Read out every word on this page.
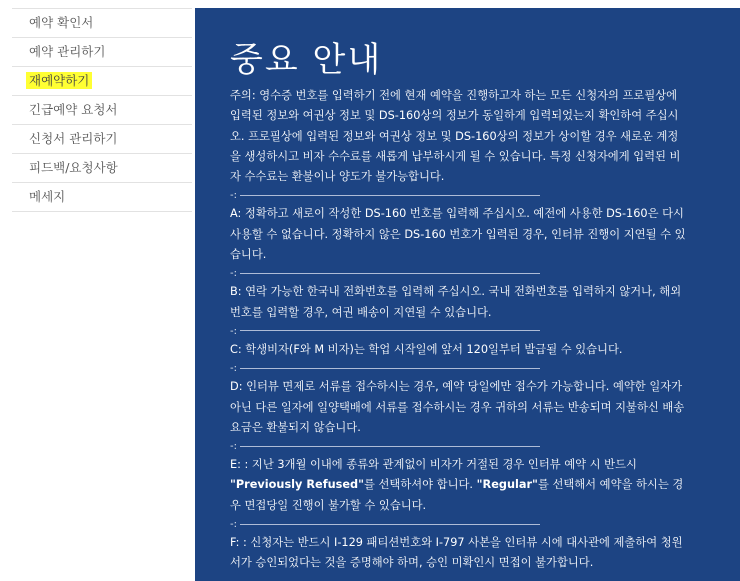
예약 확인서
예약 관리하기
재예약하기
긴급예약 요청서
신청서 관리하기
피드백/요청사항
메세지
중요 안내

주의: 영수증 번호를 입력하기 전에 현재 예약을 진행하고자 하는 모든 신청자의 프로필상에 입력된 정보와 여권상 정보 및 DS-160상의 정보가 동일하게 입력되었는지 확인하여 주십시오. 프로필상에 입력된 정보와 여권상 정보 및 DS-160상의 정보가 상이할 경우 새로운 계정을 생성하시고 비자 수수료를 새롭게 납부하시게 될 수 있습니다. 특정 신청자에게 입력된 비자 수수료는 환불이나 양도가 불가능합니다.

-:

A: 정확하고 새로이 작성한 DS-160 번호를 입력해 주십시오. 예전에 사용한 DS-160은 다시 사용할 수 없습니다. 정확하지 않은 DS-160 번호가 입력된 경우, 인터뷰 진행이 지연될 수 있습니다.

-:

B: 연락 가능한 한국내 전화번호를 입력해 주십시오. 국내 전화번호를 입력하지 않거나, 해외 번호를 입력할 경우, 여권 배송이 지연될 수 있습니다.

-:

C: 학생비자(F와 M 비자)는 학업 시작일에 앞서 120일부터 발급될 수 있습니다.

-:

D: 인터뷰 면제로 서류를 접수하시는 경우, 예약 당일에만 접수가 가능합니다. 예약한 일자가 아닌 다른 일자에 일양택배에 서류를 접수하시는 경우 귀하의 서류는 반송되며 지불하신 배송요금은 환불되지 않습니다.

-:

E: : 지난 3개월 이내에 종류와 관계없이 비자가 거절된 경우 인터뷰 예약 시 반드시 "Previously Refused"를 선택하셔야 합니다. "Regular"를 선택해서 예약을 하시는 경우 면접당일 진행이 불가할 수 있습니다.

-:

F: : 신청자는 반드시 I-129 패티션번호와 I-797 사본을 인터뷰 시에 대사관에 제출하여 청원서가 승인되었다는 것을 증명해야 하며, 승인 미확인시 면접이 불가합니다.
